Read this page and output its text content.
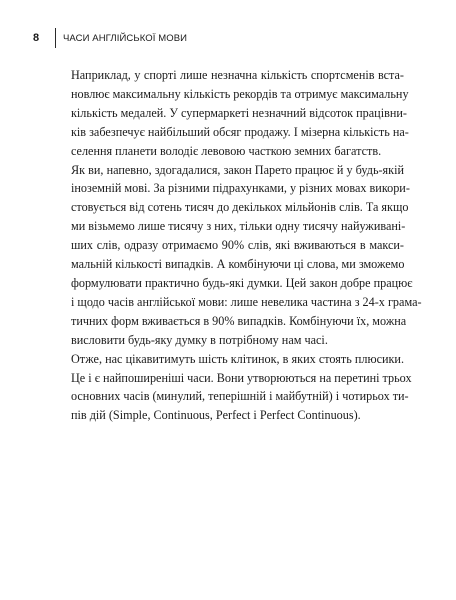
8	ЧАСИ АНГЛІЙСЬКОЇ МОВИ

Наприклад, у спорті лише незначна кількість спортсменів вста-
новлює максимальну кількість рекордів та отримує максимальну
кількість медалей. У супермаркеті незначний відсоток працівни-
ків забезпечує найбільший обсяг продажу. І мізерна кількість на-
селення планети володіє левовою часткою земних багатств.

Як ви, напевно, здогадалися, закон Парето працює й у будь-якій
іноземній мові. За різними підрахунками, у різних мовах викори-
стовується від сотень тисяч до декількох мільйонів слів. Та якщо
ми візьмемо лише тисячу з них, тільки одну тисячу найуживані-
ших слів, одразу отримаємо 90% слів, які вживаються в макси-
мальній кількості випадків. А комбінуючи ці слова, ми зможемо
формулювати практично будь-які думки. Цей закон добре працює
і щодо часів англійської мови: лише невелика частина з 24-х грама-
тичних форм вживається в 90% випадків. Комбінуючи їх, можна
висловити будь-яку думку в потрібному нам часі.

Отже, нас цікавитимуть шість клітинок, в яких стоять плюсики.
Це і є найпоширеніші часи. Вони утворюються на перетині трьох
основних часів (минулий, теперішній і майбутній) і чотирьох ти-
пів дій (Simple, Continuous, Perfect і Perfect Continuous).
